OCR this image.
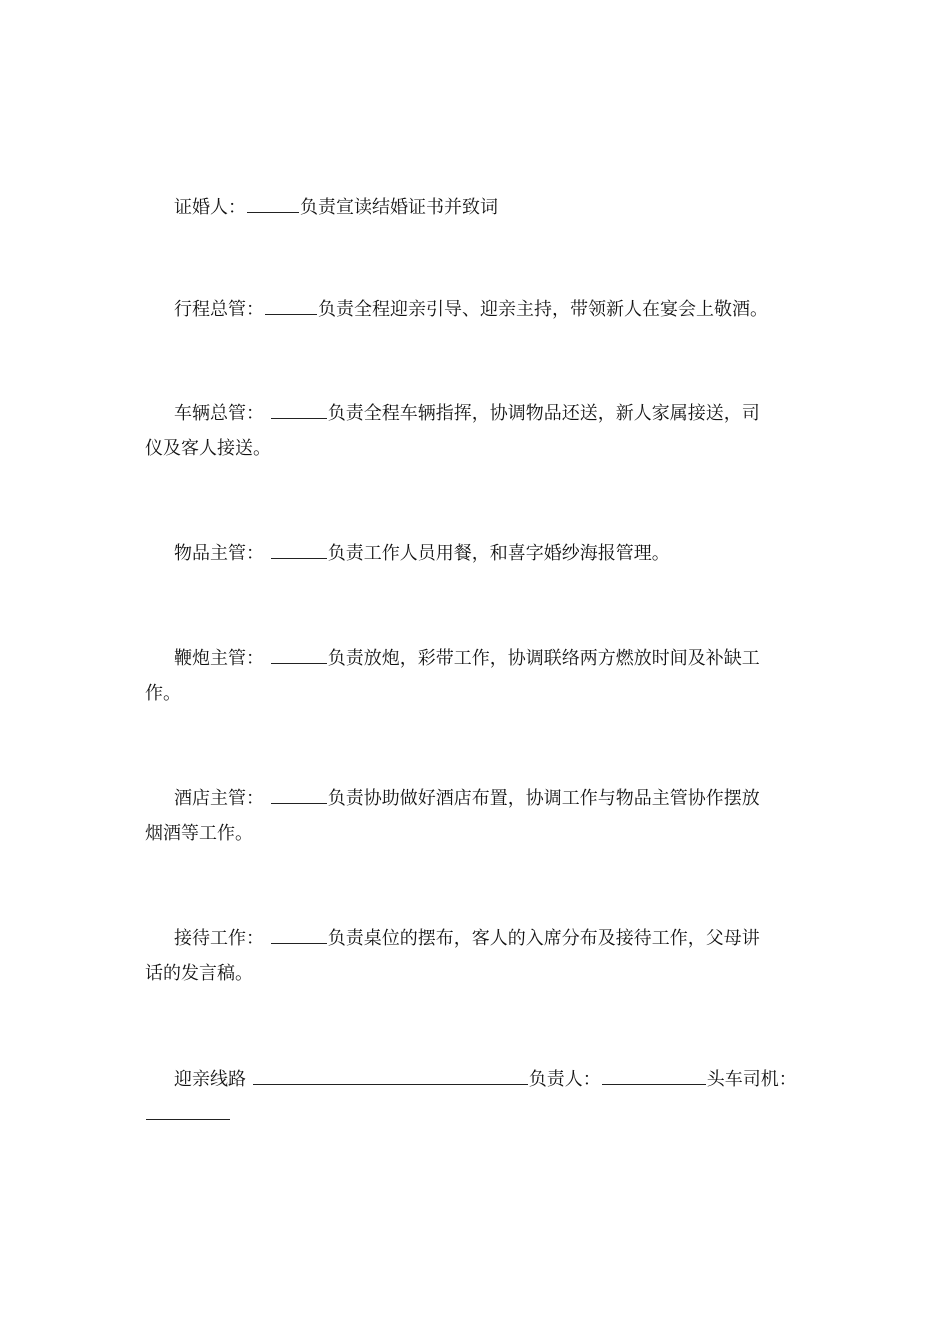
证婚人：	负责宣读结婚证书并致词

行程总管：	负责全程迎亲引导、迎亲主持，带领新人在宴会上敬酒。

车辆总管：	负责全程车辆指挥，协调物品还送，新人家属接送，司
仪及客人接送。

物品主管：	负责工作人员用餐，和喜字婚纱海报管理。

鞭炮主管：	负责放炮，彩带工作，协调联络两方燃放时间及补缺工
作。

酒店主管：	负责协助做好酒店布置，协调工作与物品主管协作摆放
烟酒等工作。

接待工作：	负责桌位的摆布，客人的入席分布及接待工作，父母讲
话的发言稿。

迎亲线路	负责人：	头车司机：
